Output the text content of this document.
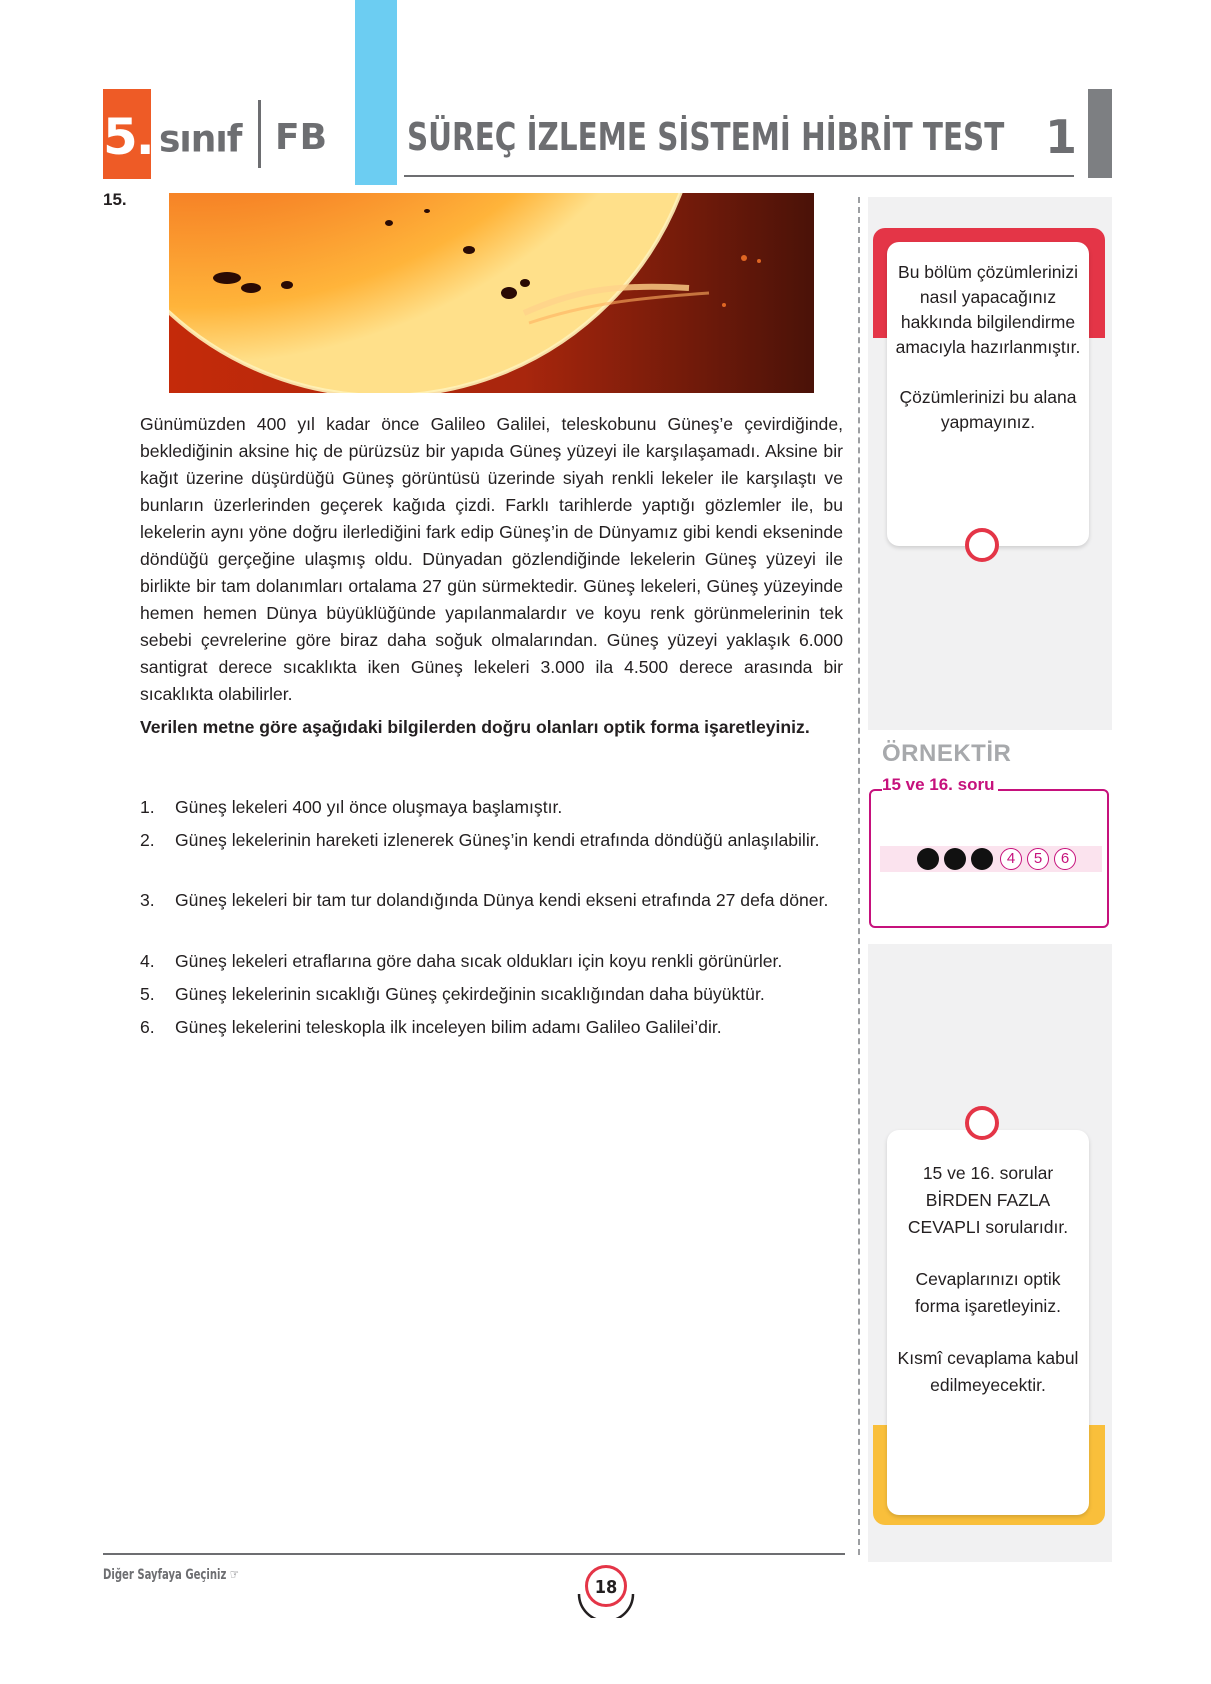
5. sınıf FB SÜREÇ İZLEME SİSTEMİ HİBRİT TEST 1
15.
Günümüzden 400 yıl kadar önce Galileo Galilei, teleskobunu Güneş’e çevirdiğinde, beklediğinin aksine hiç de pürüzsüz bir yapıda Güneş yüzeyi ile karşılaşamadı. Aksine bir kağıt üzerine düşürdüğü Güneş görüntüsü üzerinde siyah renkli lekeler ile karşılaştı ve bunların üzerlerinden geçerek kağıda çizdi. Farklı tarihlerde yaptığı gözlemler ile, bu lekelerin aynı yöne doğru ilerlediğini fark edip Güneş’in de Dünyamız gibi kendi ekseninde döndüğü gerçeğine ulaşmış oldu. Dünyadan gözlendiğinde lekelerin Güneş yüzeyi ile birlikte bir tam dolanımları ortalama 27 gün sürmektedir. Güneş lekeleri, Güneş yüzeyinde hemen hemen Dünya büyüklüğünde yapılanmalardır ve koyu renk görünmelerinin tek sebebi çevrelerine göre biraz daha soğuk olmalarından. Güneş yüzeyi yaklaşık 6.000 santigrat derece sıcaklıkta iken Güneş lekeleri 3.000 ila 4.500 derece arasında bir sıcaklıkta olabilirler.
Verilen metne göre aşağıdaki bilgilerden doğru olanları optik forma işaretleyiniz.
1. Güneş lekeleri 400 yıl önce oluşmaya başlamıştır.
2. Güneş lekelerinin hareketi izlenerek Güneş’in kendi etrafında döndüğü anlaşılabilir.
3. Güneş lekeleri bir tam tur dolandığında Dünya kendi ekseni etrafında 27 defa döner.
4. Güneş lekeleri etraflarına göre daha sıcak oldukları için koyu renkli görünürler.
5. Güneş lekelerinin sıcaklığı Güneş çekirdeğinin sıcaklığından daha büyüktür.
6. Güneş lekelerini teleskopla ilk inceleyen bilim adamı Galileo Galilei’dir.

Bu bölüm çözümlerinizi nasıl yapacağınız hakkında bilgilendirme amacıyla hazırlanmıştır.

Çözümlerinizi bu alana yapmayınız.

ÖRNEKTİR
15 ve 16. soru
4	5	6

15 ve 16. sorular BİRDEN FAZLA CEVAPLI sorularıdır.

Cevaplarınızı optik forma işaretleyiniz.

Kısmî cevaplama kabul edilmeyecektir.

Diğer Sayfaya Geçiniz ☞
18
